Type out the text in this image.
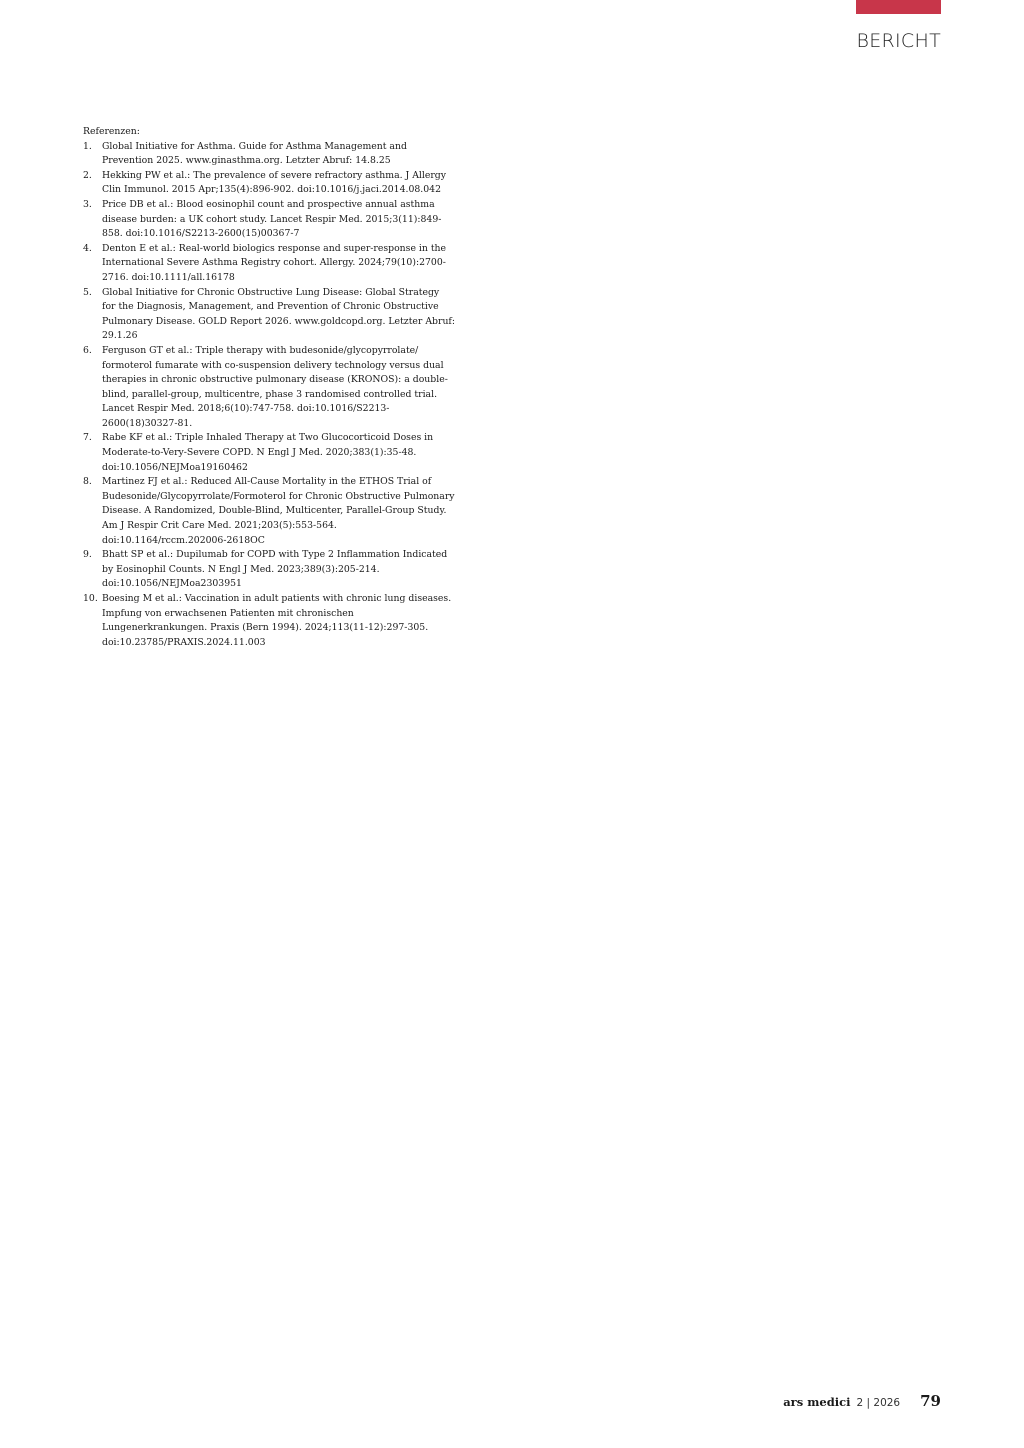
BERICHT
Referenzen:
1. Global Initiative for Asthma. Guide for Asthma Management and Prevention 2025. www.ginasthma.org. Letzter Abruf: 14.8.25
2. Hekking PW et al.: The prevalence of severe refractory asthma. J Allergy Clin Immunol. 2015 Apr;135(4):896-902. doi:10.1016/j.jaci.2014.08.042
3. Price DB et al.: Blood eosinophil count and prospective annual asthma disease burden: a UK cohort study. Lancet Respir Med. 2015;3(11):849-858. doi:10.1016/S2213-2600(15)00367-7
4. Denton E et al.: Real-world biologics response and super-response in the International Severe Asthma Registry cohort. Allergy. 2024;79(10):2700-2716. doi:10.1111/all.16178
5. Global Initiative for Chronic Obstructive Lung Disease: Global Strategy for the Diagnosis, Management, and Prevention of Chronic Obstructive Pulmonary Disease. GOLD Report 2026. www.goldcopd.org. Letzter Abruf: 29.1.26
6. Ferguson GT et al.: Triple therapy with budesonide/glycopyrrolate/ formoterol fumarate with co-suspension delivery technology versus dual therapies in chronic obstructive pulmonary disease (KRONOS): a double-blind, parallel-group, multicentre, phase 3 randomised controlled trial. Lancet Respir Med. 2018;6(10):747-758. doi:10.1016/S2213-2600(18)30327-81.
7. Rabe KF et al.: Triple Inhaled Therapy at Two Glucocorticoid Doses in Moderate-to-Very-Severe COPD. N Engl J Med. 2020;383(1):35-48. doi:10.1056/NEJMoa19160462
8. Martinez FJ et al.: Reduced All-Cause Mortality in the ETHOS Trial of Budesonide/Glycopyrrolate/Formoterol for Chronic Obstructive Pulmonary Disease. A Randomized, Double-Blind, Multicenter, Parallel-Group Study. Am J Respir Crit Care Med. 2021;203(5):553-564. doi:10.1164/rccm.202006-2618OC
9. Bhatt SP et al.: Dupilumab for COPD with Type 2 Inflammation Indicated by Eosinophil Counts. N Engl J Med. 2023;389(3):205-214. doi:10.1056/NEJMoa2303951
10. Boesing M et al.: Vaccination in adult patients with chronic lung diseases. Impfung von erwachsenen Patienten mit chronischen Lungenerkrankungen. Praxis (Bern 1994). 2024;113(11-12):297-305. doi:10.23785/PRAXIS.2024.11.003
ars medici 2 | 2026 79
